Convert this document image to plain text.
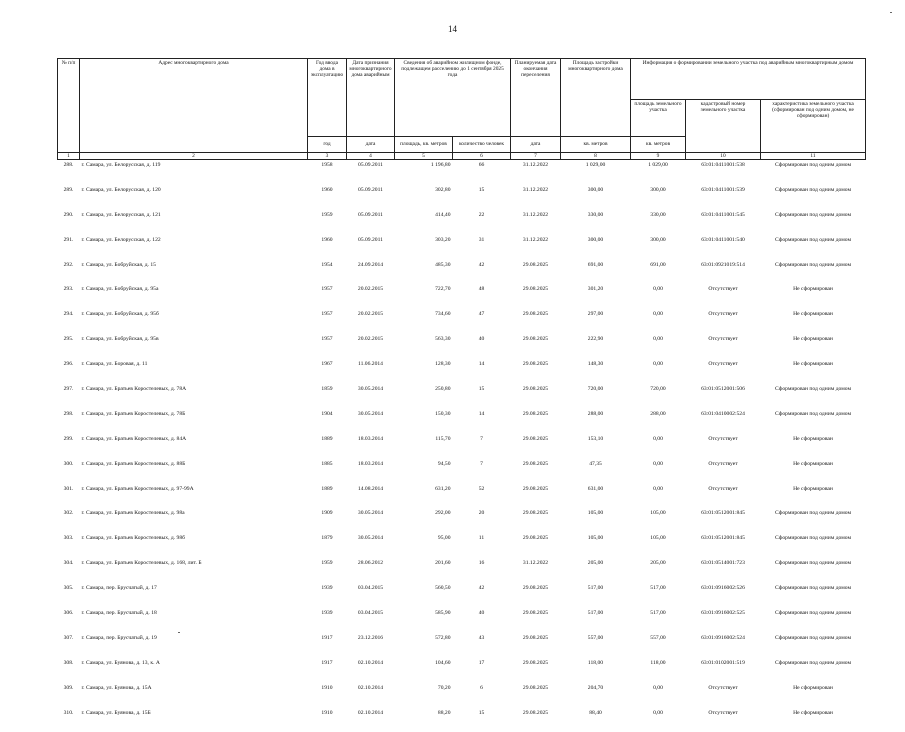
14
№ п/п	Адрес многоквартирного дома	Год ввода дома в эксплуатацию	Дата признания многоквартирного дома аварийным	Сведения об аварийном жилищном фонде, подлежащем расселению до 1 сентября 2025 года		Планируемая дата окончания переселения	Площадь застройки многоквартирного дома	Информация о формировании земельного участка под аварийным многоквартирным домом		
								площадь земельного участка	кадастровый номер земельного участка	характеристика земельного участка (сформирован под одним домом, не сформирован)
		год	дата	площадь, кв. метров	количество человек	дата	кв. метров	кв. метров		
1	2	3	4	5	6	7	8	9	10	11
288.	г. Самара, ул. Белорусская, д. 119	1958	05.09.2011	1 196,80	66	31.12.2022	1 029,00	1 029,00	63:01:0411001:538	Сформирован под одним домом
289.	г. Самара, ул. Белорусская, д. 120	1960	05.09.2011	302,80	15	31.12.2022	300,00	300,00	63:01:0411001:539	Сформирован под одним домом
290.	г. Самара, ул. Белорусская, д. 121	1959	05.09.2011	414,40	22	31.12.2022	330,00	330,00	63:01:0411001:545	Сформирован под одним домом
291.	г. Самара, ул. Белорусская, д. 122	1960	05.09.2011	303,20	31	31.12.2022	300,00	300,00	63:01:0411001:540	Сформирован под одним домом
292.	г. Самара, ул. Бобруйская, д. 15	1954	24.09.2014	485,30	42	29.08.2025	691,00	691,00	63:01:0921019:514	Сформирован под одним домом
293.	г. Самара, ул. Бобруйская, д. 95а	1957	20.02.2015	722,70	48	29.08.2025	301,20	0,00	Отсутствует	Не сформирован
294.	г. Самара, ул. Бобруйская, д. 95б	1957	20.02.2015	734,60	47	29.08.2025	297,00	0,00	Отсутствует	Не сформирован
295.	г. Самара, ул. Бобруйская, д. 95в	1957	20.02.2015	563,30	40	29.08.2025	222,90	0,00	Отсутствует	Не сформирован
296.	г. Самара, ул. Боровая, д. 11	1967	11.06.2014	128,30	14	29.08.2025	148,30	0,00	Отсутствует	Не сформирован
297.	г. Самара, ул. Братьев Коростелевых, д. 78А	1859	30.05.2014	250,80	15	29.08.2025	720,00	720,00	63:01:0512001:506	Сформирован под одним домом
298.	г. Самара, ул. Братьев Коростелевых, д. 78Б	1904	30.05.2014	150,30	14	29.08.2025	288,00	288,00	63:01:0410002:524	Сформирован под одним домом
299.	г. Самара, ул. Братьев Коростелевых, д. 84А	1889	18.03.2014	115,70	7	29.08.2025	153,10	0,00	Отсутствует	Не сформирован
300.	г. Самара, ул. Братьев Коростелевых, д. 88Б	1885	18.03.2014	94,50	7	29.08.2025	47,35	0,00	Отсутствует	Не сформирован
301.	г. Самара, ул. Братьев Коростелевых, д. 97-99А	1889	14.08.2014	631,20	52	29.08.2025	631,00	0,00	Отсутствует	Не сформирован
302.	г. Самара, ул. Братьев Коростелевых, д. 98а	1909	30.05.2014	292,00	20	29.08.2025	105,00	105,00	63:01:0512001:845	Сформирован под одним домом
303.	г. Самара, ул. Братьев Коростелевых, д. 98б	1879	30.05.2014	95,00	11	29.08.2025	105,00	105,00	63:01:0512001:845	Сформирован под одним домом
304.	г. Самара, ул. Братьев Коростелевых, д. 168, лит. Б	1959	28.06.2012	201,60	16	31.12.2022	205,00	205,00	63:01:0514001:723	Сформирован под одним домом
305.	г. Самара, пер. Брусчатый, д. 17	1939	03.04.2015	560,50	42	29.08.2025	517,00	517,00	63:01:0916002:526	Сформирован под одним домом
306.	г. Самара, пер. Брусчатый, д. 18	1939	03.04.2015	585,90	40	29.08.2025	517,00	517,00	63:01:0916002:525	Сформирован под одним домом
307.	г. Самара, пер. Брусчатый, д. 19	1917	23.12.2016	572,80	43	29.08.2025	557,00	557,00	63:01:0916002:524	Сформирован под одним домом
308.	г. Самара, ул. Буянова, д. 13, к. А	1917	02.10.2014	104,60	17	29.08.2025	118,00	118,00	63:01:0102001:519	Сформирован под одним домом
309.	г. Самара, ул. Буянова, д. 15А	1910	02.10.2014	70,20	6	29.08.2025	204,70	0,00	Отсутствует	Не сформирован
310.	г. Самара, ул. Буянова, д. 15Б	1910	02.10.2014	88,20	15	29.08.2025	88,40	0,00	Отсутствует	Не сформирован
